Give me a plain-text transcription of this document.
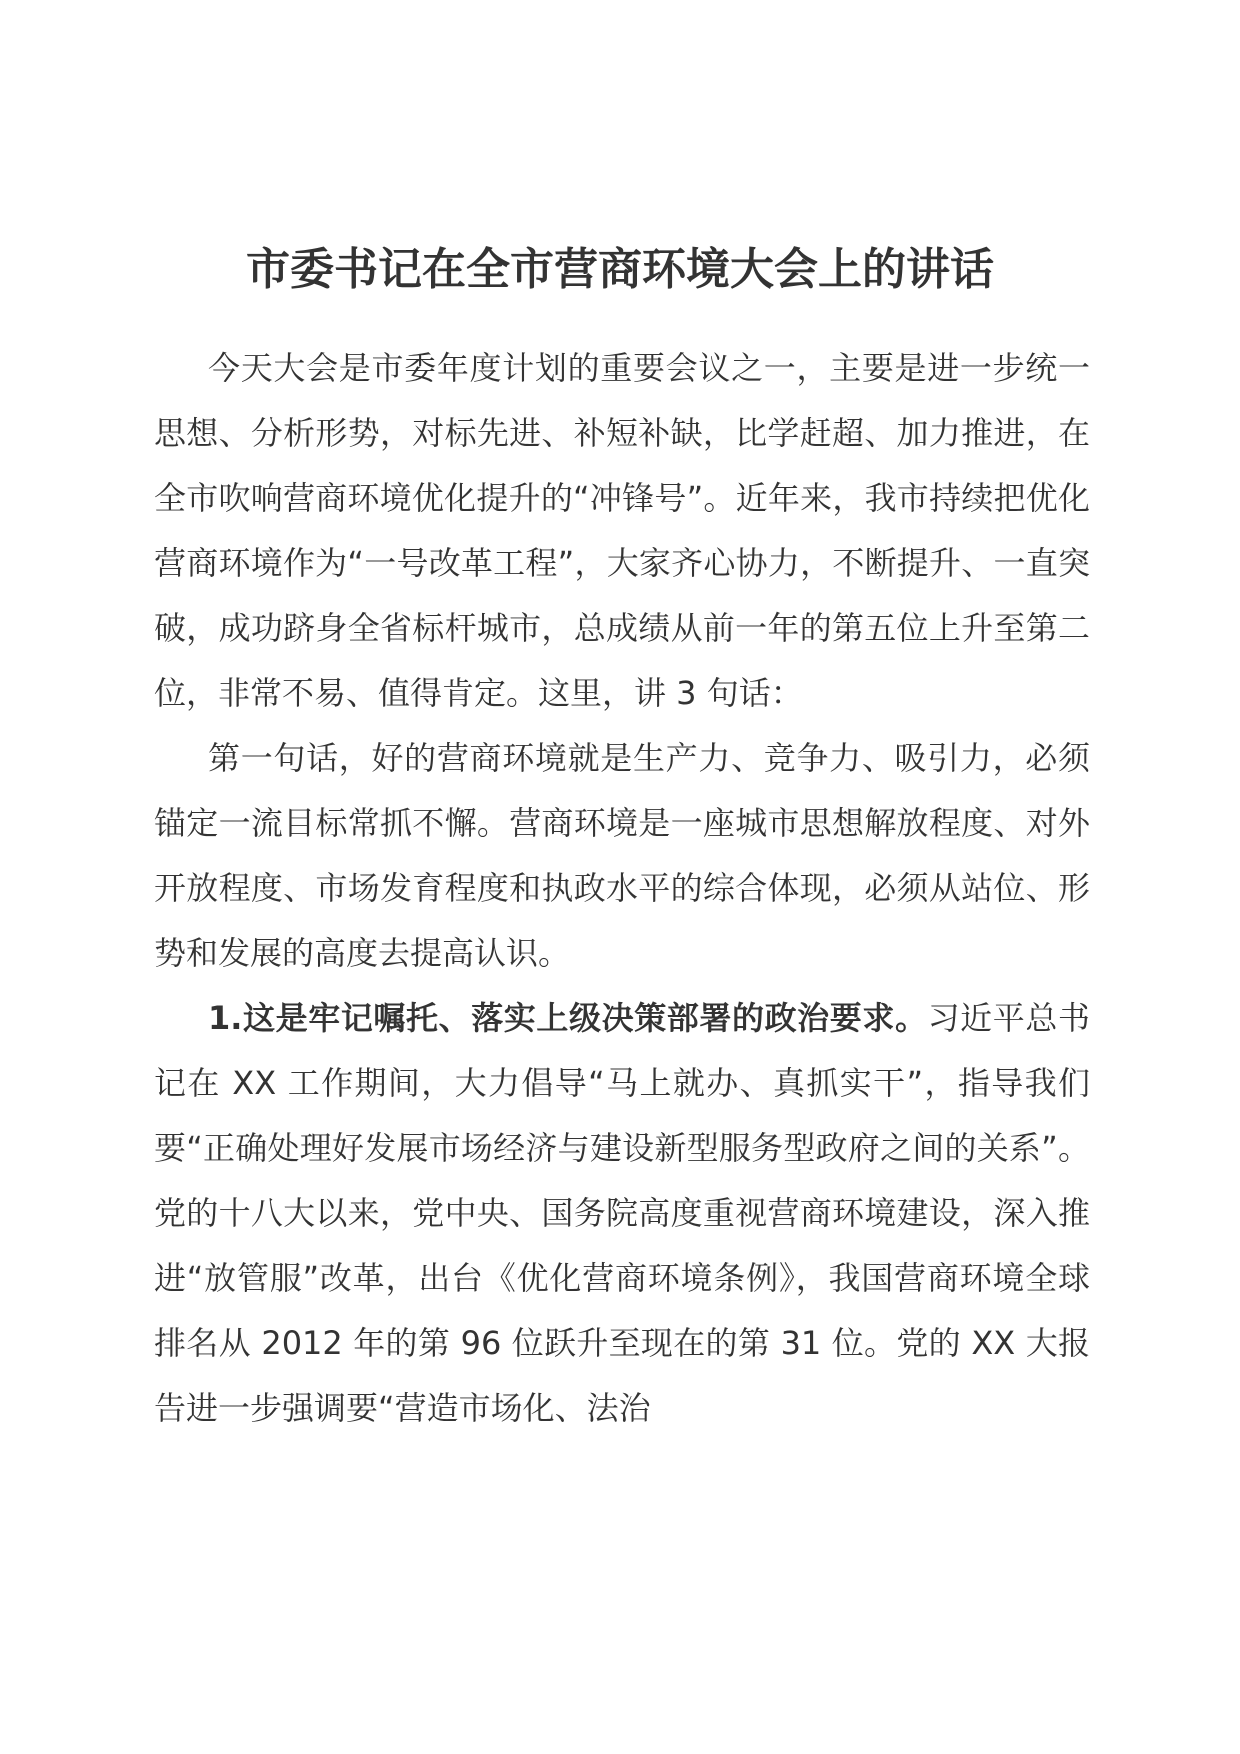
市委书记在全市营商环境大会上的讲话

今天大会是市委年度计划的重要会议之一，主要是进一步统一思想、分析形势，对标先进、补短补缺，比学赶超、加力推进，在全市吹响营商环境优化提升的“冲锋号”。近年来，我市持续把优化营商环境作为“一号改革工程”，大家齐心协力，不断提升、一直突破，成功跻身全省标杆城市，总成绩从前一年的第五位上升至第二位，非常不易、值得肯定。这里，讲 3 句话：

第一句话，好的营商环境就是生产力、竞争力、吸引力，必须锚定一流目标常抓不懈。营商环境是一座城市思想解放程度、对外开放程度、市场发育程度和执政水平的综合体现，必须从站位、形势和发展的高度去提高认识。

1.这是牢记嘱托、落实上级决策部署的政治要求。习近平总书记在 XX 工作期间，大力倡导“马上就办、真抓实干”，指导我们要“正确处理好发展市场经济与建设新型服务型政府之间的关系”。党的十八大以来，党中央、国务院高度重视营商环境建设，深入推进“放管服”改革，出台《优化营商环境条例》，我国营商环境全球排名从 2012 年的第 96 位跃升至现在的第 31 位。党的 XX 大报告进一步强调要“营造市场化、法治
